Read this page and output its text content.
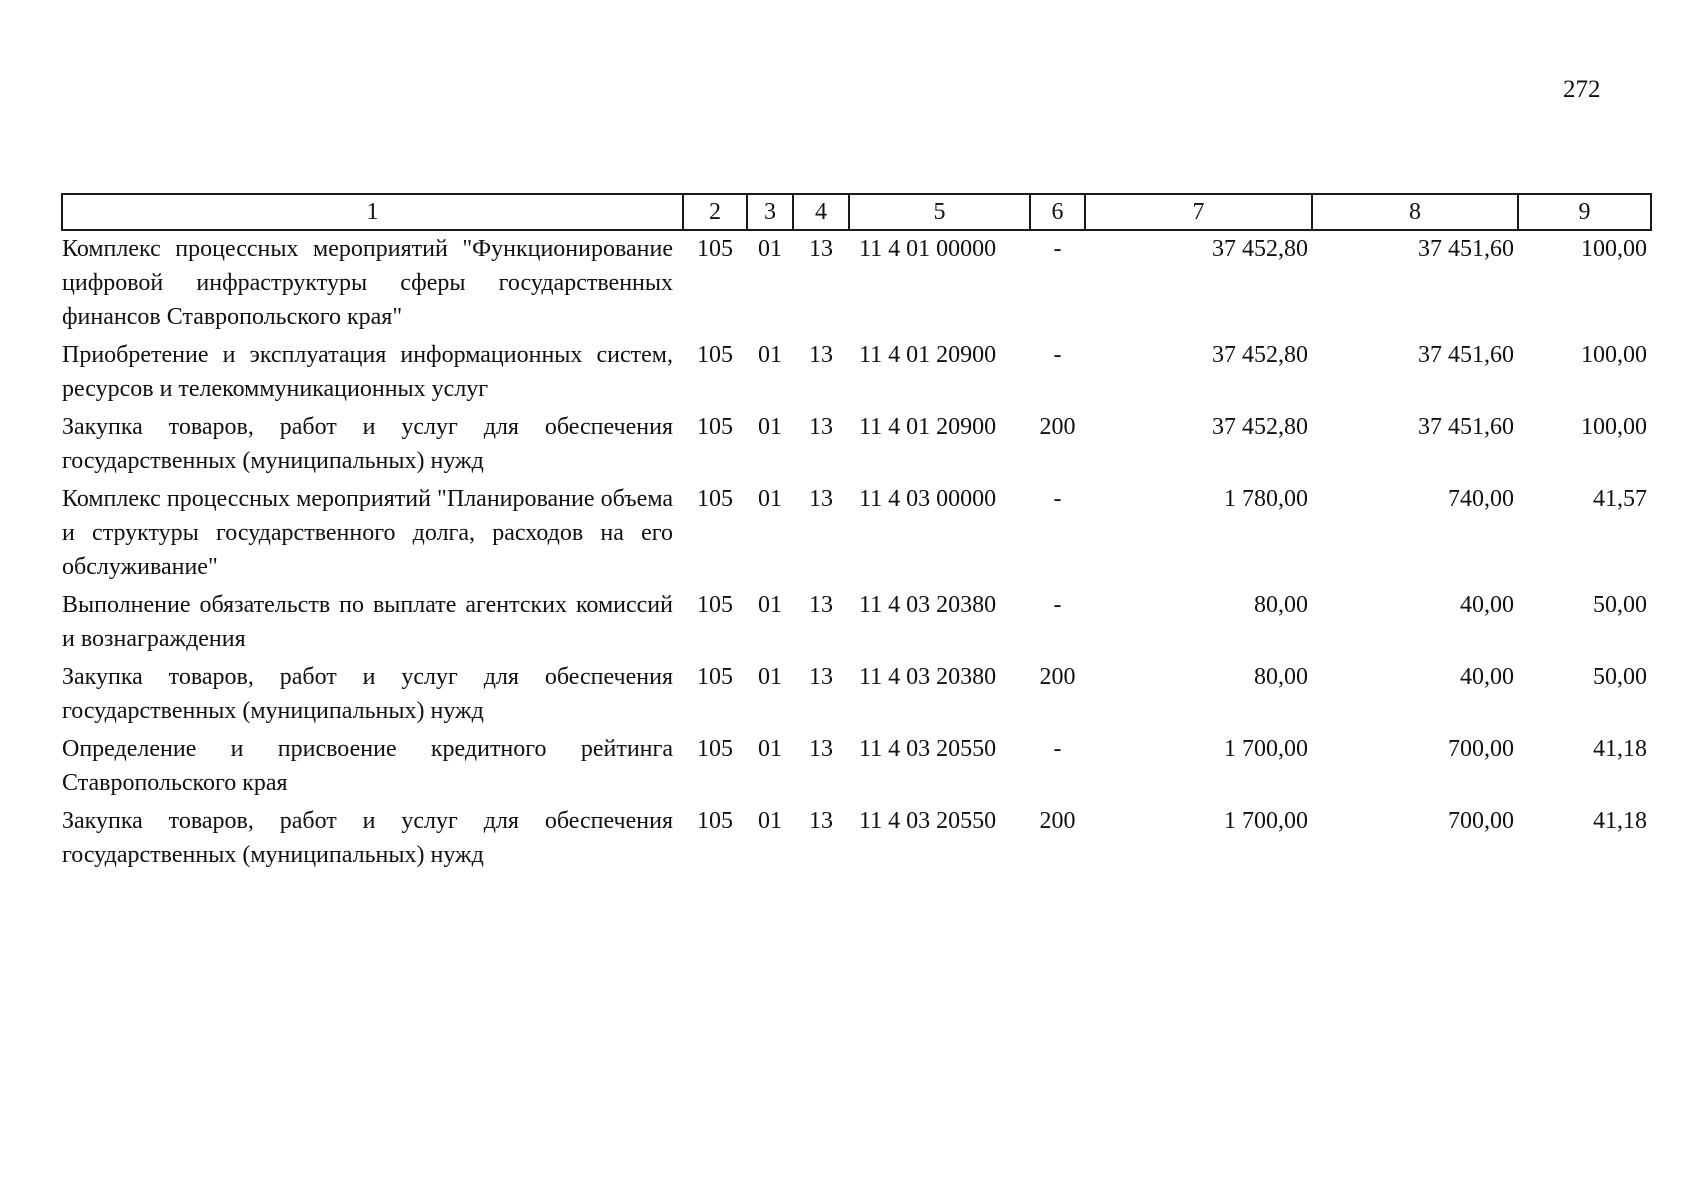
272
1	2	3	4	5	6	7	8	9
Комплекс процессных мероприятий "Функционирование цифровой инфраструктуры сферы государственных финансов Ставропольского края"	105	01	13	11 4 01 00000	-	37 452,80	37 451,60	100,00
Приобретение и эксплуатация информационных систем, ресурсов и телекоммуникационных услуг	105	01	13	11 4 01 20900	-	37 452,80	37 451,60	100,00
Закупка товаров, работ и услуг для обеспечения государственных (муниципальных) нужд	105	01	13	11 4 01 20900	200	37 452,80	37 451,60	100,00
Комплекс процессных мероприятий "Планирование объема и структуры государственного долга, расходов на его обслуживание"	105	01	13	11 4 03 00000	-	1 780,00	740,00	41,57
Выполнение обязательств по выплате агентских комиссий и вознаграждения	105	01	13	11 4 03 20380	-	80,00	40,00	50,00
Закупка товаров, работ и услуг для обеспечения государственных (муниципальных) нужд	105	01	13	11 4 03 20380	200	80,00	40,00	50,00
Определение и присвоение кредитного рейтинга Ставропольского края	105	01	13	11 4 03 20550	-	1 700,00	700,00	41,18
Закупка товаров, работ и услуг для обеспечения государственных (муниципальных) нужд	105	01	13	11 4 03 20550	200	1 700,00	700,00	41,18
